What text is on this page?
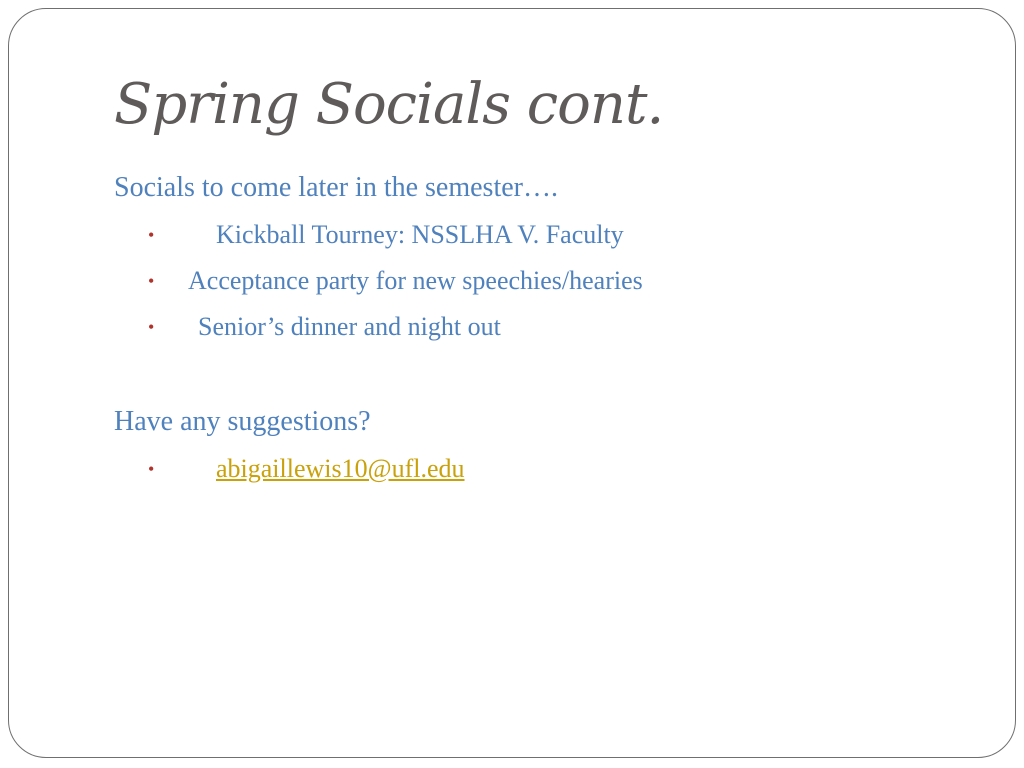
Spring Socials cont.

Socials to come later in the semester….

• Kickball Tourney: NSSLHA V. Faculty
• Acceptance party for new speechies/hearies
• Senior’s dinner and night out

Have any suggestions?

• abigaillewis10@ufl.edu
